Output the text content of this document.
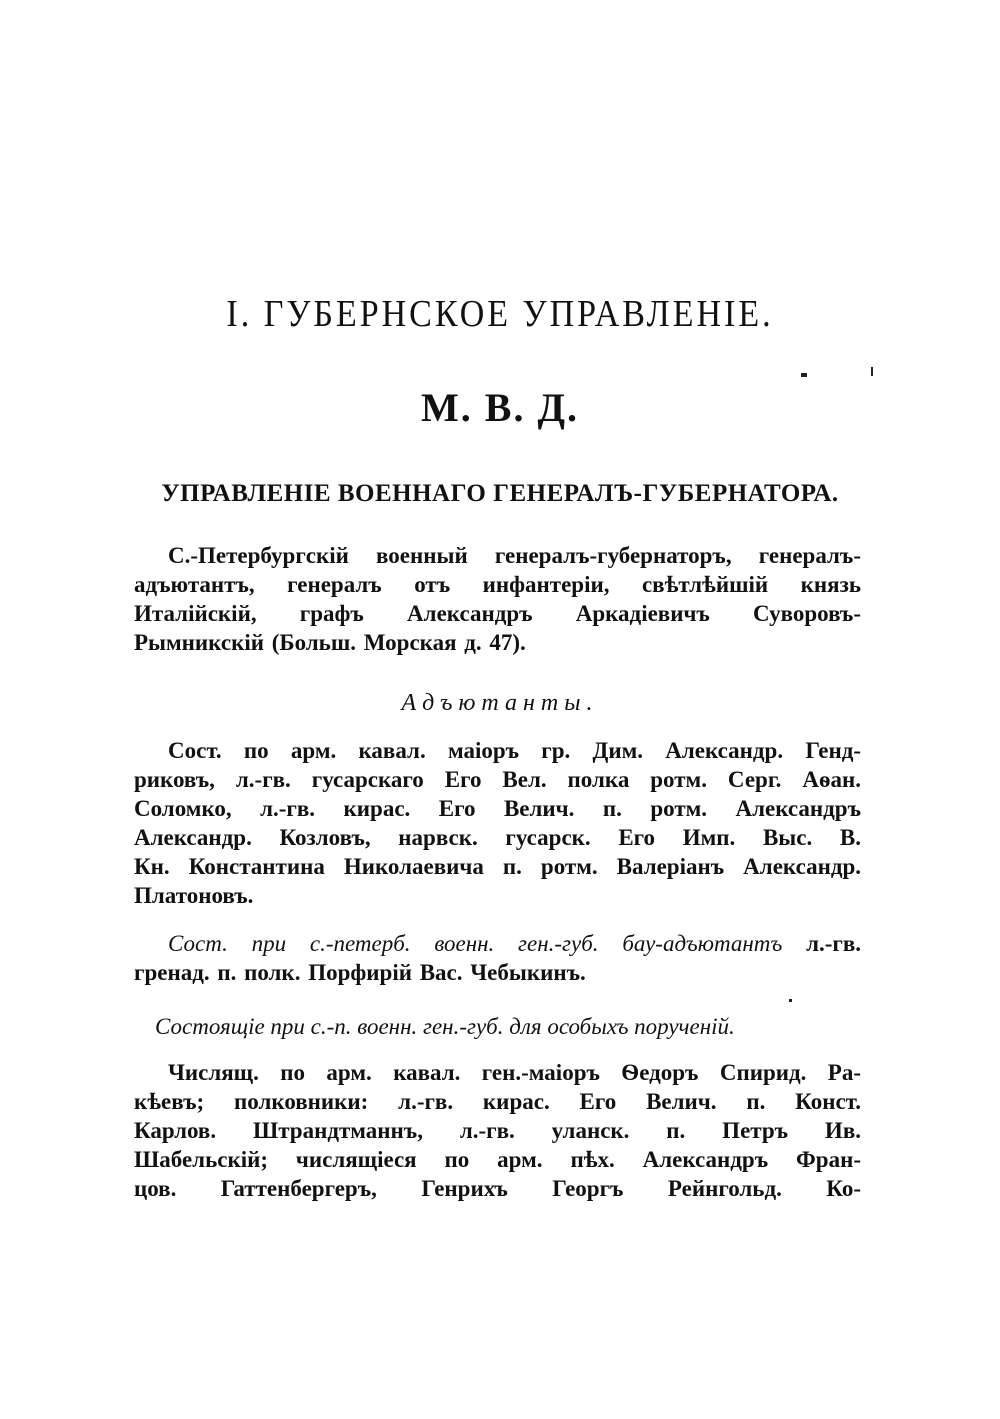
I. ГУБЕРНСКОЕ УПРАВЛЕНІЕ.
М. В. Д.
УПРАВЛЕНІЕ ВОЕННАГО ГЕНЕРАЛЪ-ГУБЕРНАТОРА.
С.-Петербургскій военный генералъ-губернаторъ, генералъ-
адъютантъ, генералъ отъ инфантеріи, свѣтлѣйшій князь
Италійскій, графъ Александръ Аркадіевичъ Суворовъ-
Рымникскій (Больш. Морская д. 47).
Адъютанты.
Сост. по арм. кавал. маіоръ гр. Дим. Александр. Генд-
риковъ, л.-гв. гусарскаго Его Вел. полка ротм. Серг. Аѳан.
Соломко, л.-гв. кирас. Его Велич. п. ротм. Александръ
Александр. Козловъ, нарвск. гусарск. Его Имп. Выс. В.
Кн. Константина Николаевича п. ротм. Валеріанъ Александр.
Платоновъ.
Сост. при с.-петерб. военн. ген.-губ. бау-адъютантъ л.-гв.
гренад. п. полк. Порфирій Вас. Чебыкинъ.
Состоящіе при с.-п. военн. ген.-губ. для особыхъ порученій.
Числящ. по арм. кавал. ген.-маіоръ Ѳедоръ Спирид. Ра-
кѣевъ; полковники: л.-гв. кирас. Его Велич. п. Конст.
Карлов. Штрандтманнъ, л.-гв. уланск. п. Петръ Ив.
Шабельскій; числящіеся по арм. пѣх. Александръ Фран-
цов. Гаттенбергеръ, Генрихъ Георгъ Рейнгольд. Ко-
